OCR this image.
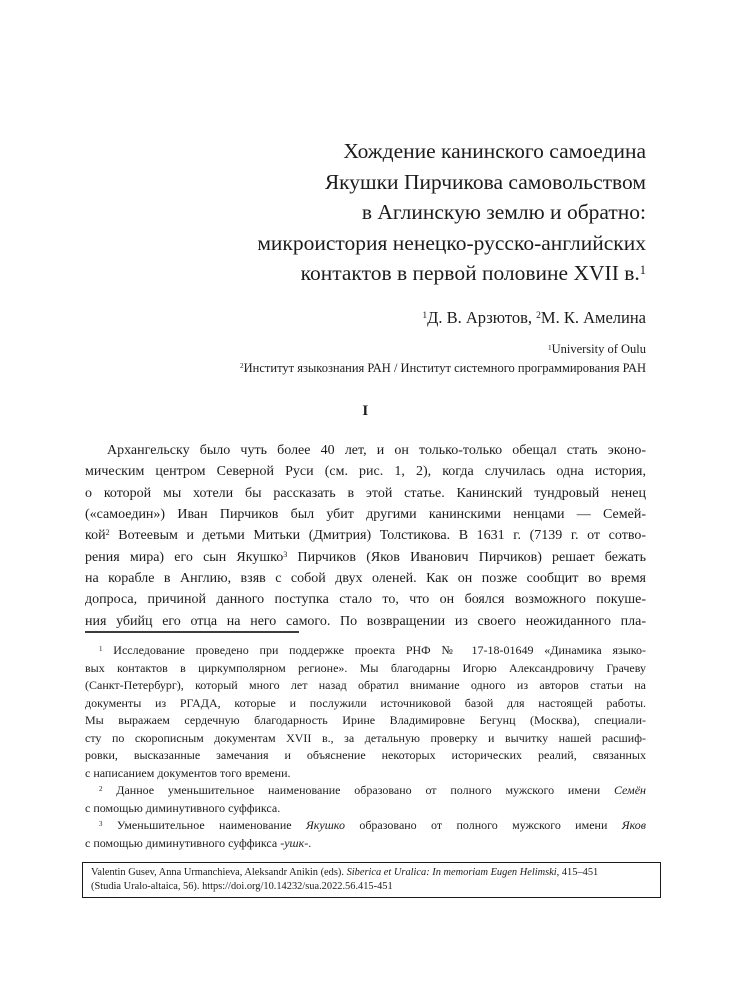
Хождение канинского самоедина
Якушки Пирчикова самовольством
в Аглинскую землю и обратно:
микроистория ненецко-русско-английских
контактов в первой половине XVII в.$^1$
$^1$Д. В. Арзютов, $^2$М. К. Амелина
$^1$University of Oulu
$^2$Институт языкознания РАН / Институт системного программирования РАН
I
Архангельску было чуть более 40 лет, и он только-только обещал стать эконо-
мическим центром Северной Руси (см. рис. 1, 2), когда случилась одна история,
о которой мы хотели бы рассказать в этой статье. Канинский тундровый ненец
(«самоедин») Иван Пирчиков был убит другими канинскими ненцами — Семей-
кой$^2$ Вотеевым и детьми Митьки (Дмитрия) Толстикова. В 1631 г. (7139 г. от сотво-
рения мира) его сын Якушко$^3$ Пирчиков (Яков Иванович Пирчиков) решает бежать
на корабле в Англию, взяв с собой двух оленей. Как он позже сообщит во время
допроса, причиной данного поступка стало то, что он боялся возможного покуше-
ния убийц его отца на него самого. По возвращении из своего неожиданного пла-
$^1$ Исследование проведено при поддержке проекта РНФ № 17-18-01649 «Динамика языко-
вых контактов в циркумполярном регионе». Мы благодарны Игорю Александровичу Грачеву
(Санкт-Петербург), который много лет назад обратил внимание одного из авторов статьи на
документы из РГАДА, которые и послужили источниковой базой для настоящей работы.
Мы выражаем сердечную благодарность Ирине Владимировне Бегунц (Москва), специали-
сту по скорописным документам XVII в., за детальную проверку и вычитку нашей расшиф-
ровки, высказанные замечания и объяснение некоторых исторических реалий, связанных
с написанием документов того времени.
$^2$ Данное уменьшительное наименование образовано от полного мужского имени Семён
с помощью диминутивного суффикса.
$^3$ Уменьшительное наименование Якушко образовано от полного мужского имени Яков
с помощью диминутивного суффикса -ушк-.
Valentin Gusev, Anna Urmanchieva, Aleksandr Anikin (eds). Siberica et Uralica: In memoriam Eugen Helimski, 415–451
(Studia Uralo-altaica, 56). https://doi.org/10.14232/sua.2022.56.415-451
